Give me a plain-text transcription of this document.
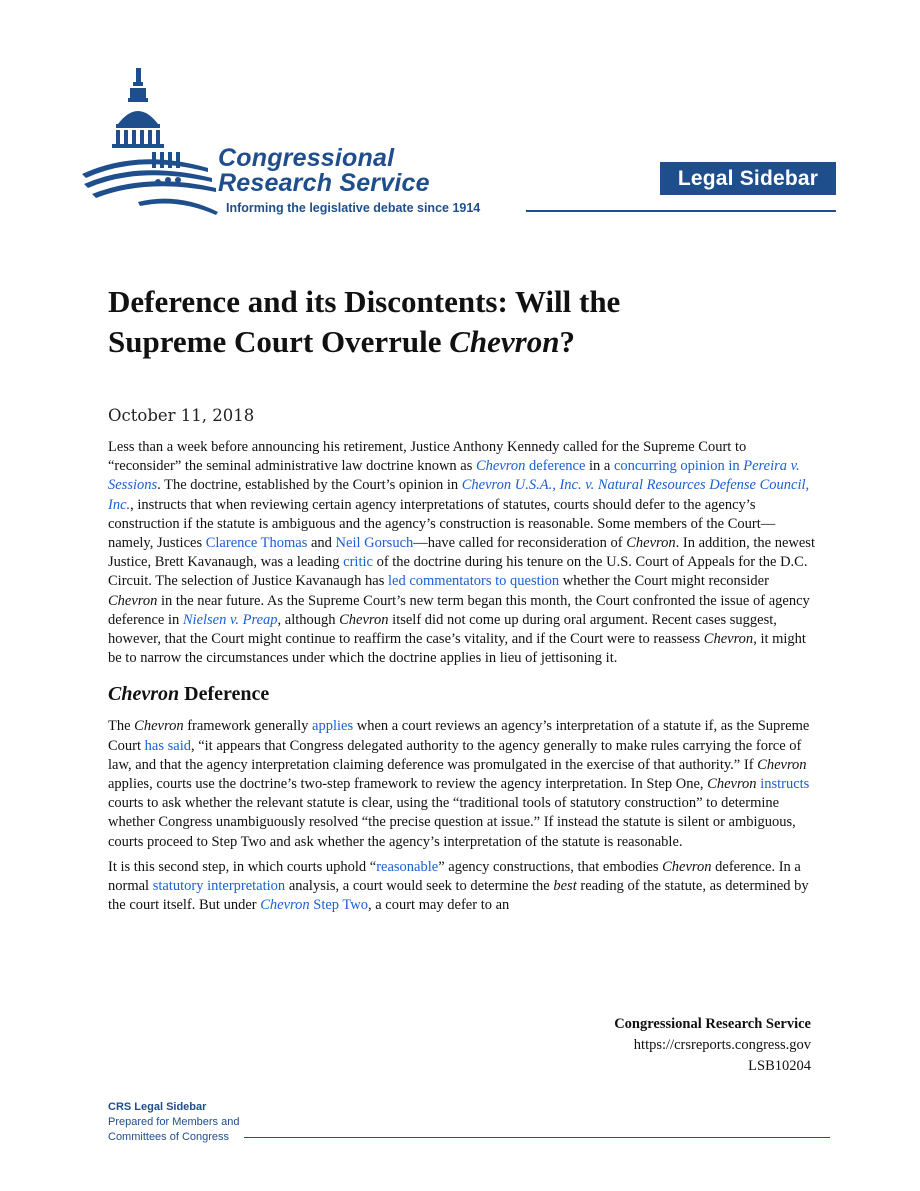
Congressional
Research Service
Informing the legislative debate since 1914
Legal Sidebar
Deference and its Discontents: Will the
Supreme Court Overrule Chevron?
October 11, 2018

Less than a week before announcing his retirement, Justice Anthony Kennedy called for the Supreme Court to “reconsider” the seminal administrative law doctrine known as Chevron deference in a concurring opinion in Pereira v. Sessions. The doctrine, established by the Court’s opinion in Chevron U.S.A., Inc. v. Natural Resources Defense Council, Inc., instructs that when reviewing certain agency interpretations of statutes, courts should defer to the agency’s construction if the statute is ambiguous and the agency’s construction is reasonable. Some members of the Court—namely, Justices Clarence Thomas and Neil Gorsuch—have called for reconsideration of Chevron. In addition, the newest Justice, Brett Kavanaugh, was a leading critic of the doctrine during his tenure on the U.S. Court of Appeals for the D.C. Circuit. The selection of Justice Kavanaugh has led commentators to question whether the Court might reconsider Chevron in the near future. As the Supreme Court’s new term began this month, the Court confronted the issue of agency deference in Nielsen v. Preap, although Chevron itself did not come up during oral argument. Recent cases suggest, however, that the Court might continue to reaffirm the case’s vitality, and if the Court were to reassess Chevron, it might be to narrow the circumstances under which the doctrine applies in lieu of jettisoning it.

Chevron Deference

The Chevron framework generally applies when a court reviews an agency’s interpretation of a statute if, as the Supreme Court has said, “it appears that Congress delegated authority to the agency generally to make rules carrying the force of law, and that the agency interpretation claiming deference was promulgated in the exercise of that authority.” If Chevron applies, courts use the doctrine’s two-step framework to review the agency interpretation. In Step One, Chevron instructs courts to ask whether the relevant statute is clear, using the “traditional tools of statutory construction” to determine whether Congress unambiguously resolved “the precise question at issue.” If instead the statute is silent or ambiguous, courts proceed to Step Two and ask whether the agency’s interpretation of the statute is reasonable.

It is this second step, in which courts uphold “reasonable” agency constructions, that embodies Chevron deference. In a normal statutory interpretation analysis, a court would seek to determine the best reading of the statute, as determined by the court itself. But under Chevron Step Two, a court may defer to an

Congressional Research Service
https://crsreports.congress.gov
LSB10204
CRS Legal Sidebar
Prepared for Members and
Committees of Congress
